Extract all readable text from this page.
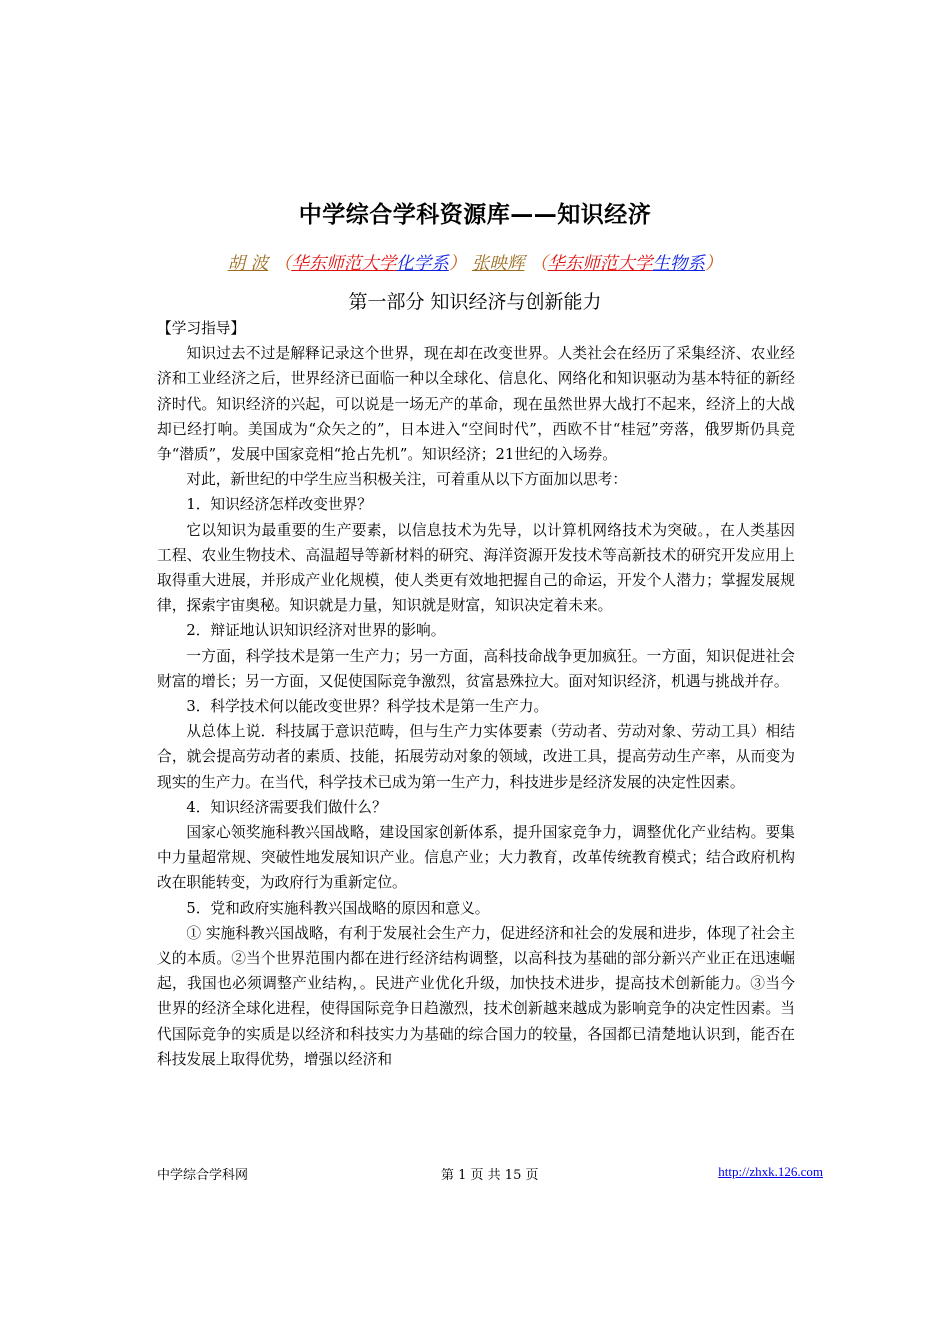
中学综合学科资源库——知识经济
胡 波 （华东师范大学化学系） 张映辉 （华东师范大学生物系）
第一部分 知识经济与创新能力

【学习指导】

知识过去不过是解释记录这个世界，现在却在改变世界。人类社会在经历了采集经济、农业经济和工业经济之后，世界经济已面临一种以全球化、信息化、网络化和知识驱动为基本特征的新经济时代。知识经济的兴起，可以说是一场无产的革命，现在虽然世界大战打不起来，经济上的大战却已经打响。美国成为“众矢之的”，日本进入“空间时代”，西欧不甘“桂冠”旁落，俄罗斯仍具竞争“潜质”，发展中国家竞相“抢占先机”。知识经济；21世纪的入场券。

对此，新世纪的中学生应当积极关注，可着重从以下方面加以思考：

1．知识经济怎样改变世界？

它以知识为最重要的生产要素，以信息技术为先导，以计算机网络技术为突破。，在人类基因工程、农业生物技术、高温超导等新材料的研究、海洋资源开发技术等高新技术的研究开发应用上取得重大进展，并形成产业化规模，使人类更有效地把握自己的命运，开发个人潜力；掌握发展规律，探索宇宙奥秘。知识就是力量，知识就是财富，知识决定着未来。

2．辩证地认识知识经济对世界的影响。

一方面，科学技术是第一生产力；另一方面，高科技命战争更加疯狂。一方面，知识促进社会财富的增长；另一方面，又促使国际竞争激烈，贫富悬殊拉大。面对知识经济，机遇与挑战并存。

3．科学技术何以能改变世界？科学技术是第一生产力。

从总体上说．科技属于意识范畴，但与生产力实体要素（劳动者、劳动对象、劳动工具）相结合，就会提高劳动者的素质、技能，拓展劳动对象的领域，改进工具，提高劳动生产率，从而变为现实的生产力。在当代，科学技术已成为第一生产力，科技进步是经济发展的决定性因素。

4．知识经济需要我们做什么？

国家心领奖施科教兴国战略，建设国家创新体系，提升国家竞争力，调整优化产业结构。要集中力量超常规、突破性地发展知识产业。信息产业；大力教育，改革传统教育模式；结合政府机构改在职能转变，为政府行为重新定位。

5．党和政府实施科教兴国战略的原因和意义。

① 实施科教兴国战略，有利于发展社会生产力，促进经济和社会的发展和进步，体现了社会主义的本质。②当个世界范围内都在进行经济结构调整，以高科技为基础的部分新兴产业正在迅速崛起，我国也必须调整产业结构，。民进产业优化升级，加快技术进步，提高技术创新能力。③当今世界的经济全球化进程，使得国际竞争日趋激烈，技术创新越来越成为影响竞争的决定性因素。当代国际竞争的实质是以经济和科技实力为基础的综合国力的较量，各国都已清楚地认识到，能否在科技发展上取得优势，增强以经济和

中学综合学科网	第 1 页 共 15 页	http://zhxk.126.com
